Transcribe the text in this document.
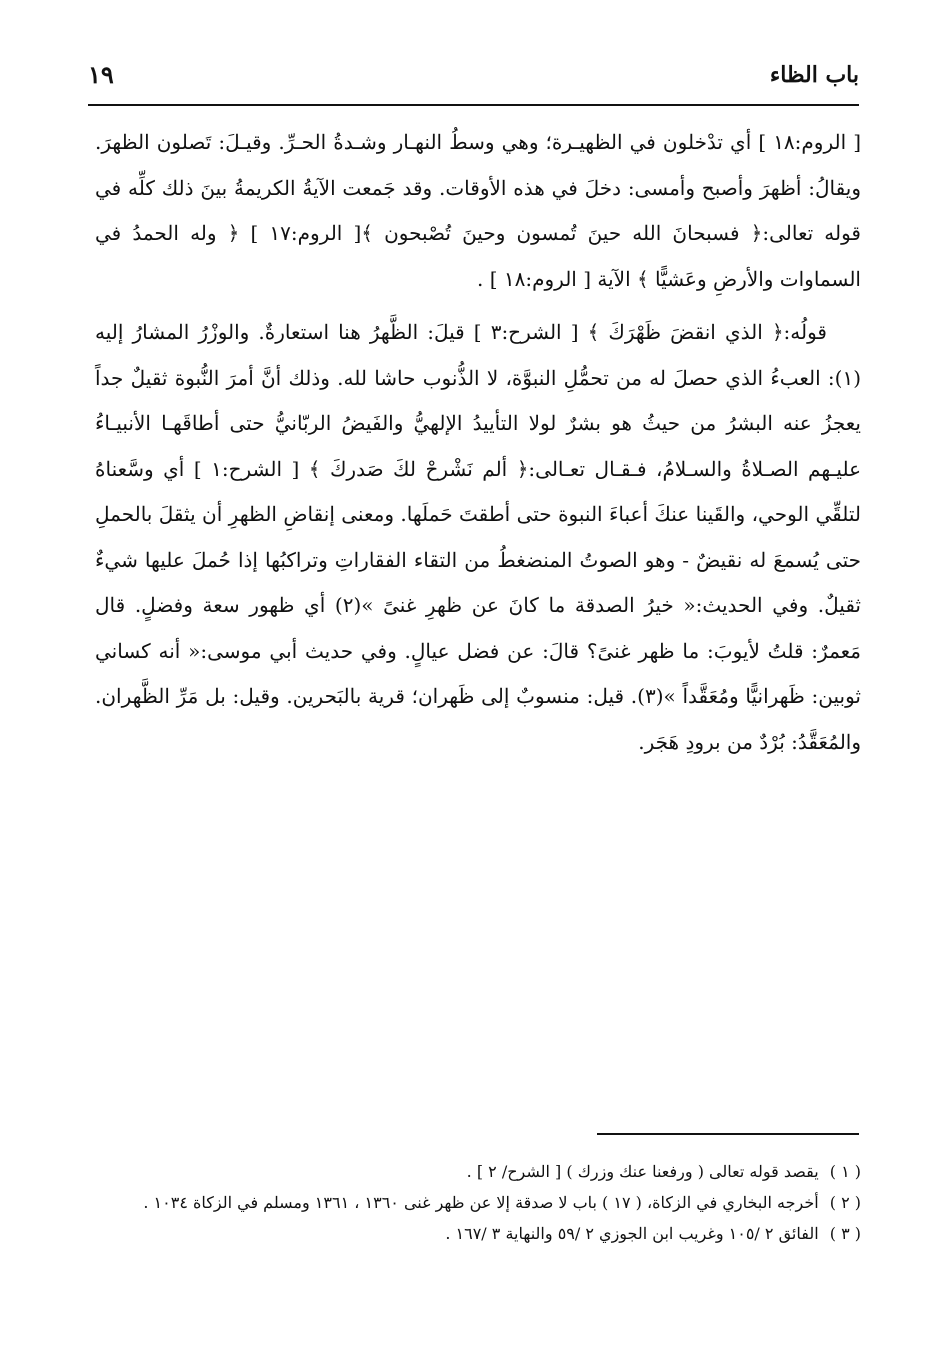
باب الظاء
١٩

[ الروم:١٨ ] أي تدْخلون في الظهيـرة؛ وهي وسطُ النهـار وشـدةُ الحـرِّ. وقيـلَ: تَصلون الظهرَ. ويقالُ: أظهرَ وأصبح وأمسى: دخلَ في هذه الأوقات. وقد جَمعت الآيةُ الكريمةُ بينَ ذلك كلِّه في قوله تعالى:﴿ فسبحانَ الله حينَ تُمسون وحينَ تُصْبحون ﴾[ الروم:١٧ ] ﴿ وله الحمدُ في السماوات والأرضِ وعَشيًّا ﴾ الآية [ الروم:١٨ ] .

قولُه:﴿ الذي انقضَ ظَهْرَكَ ﴾ [ الشرح:٣ ] قيلَ: الظَّهرُ هنا استعارةٌ. والوزْرُ المشارُ إليه (١): العبءُ الذي حصلَ له من تحمُّلِ النبوَّة، لا الذُّنوب حاشا لله. وذلك أنَّ أمرَ النُّبوة ثقيلٌ جداً يعجزُ عنه البشرُ من حيثُ هو بشرٌ لولا التأييدُ الإلهيُّ والفَيضُ الربّانيُّ حتى أطاقَهـا الأنبيـاءُ عليـهم الصـلاةُ والسـلامُ، فـقـال تعـالى:﴿ ألم نَشْرحْ لكَ صَدركَ ﴾ [ الشرح:١ ] أي وسَّعناهُ لتلقِّي الوحي، والقَينا عنكَ أعباءَ النبوة حتى أطقتَ حَملَها. ومعنى إنقاضِ الظهرِ أن يثقلَ بالحملِ حتى يُسمعَ له نقيضٌ - وهو الصوتُ المنضغطُ من التقاء الفقاراتِ وتراكبُها إذا حُملَ عليها شيءٌ ثقيلٌ. وفي الحديث:« خيرُ الصدقة ما كانَ عن ظهرِ غنىً »(٢) أي ظهور سعة وفضلٍ. قال مَعمرٌ: قلتُ لأيوبَ: ما ظهر غنىً؟ قالَ: عن فضل عيالٍ. وفي حديث أبي موسى:« أنه كساني ثوبين: ظَهرانيًّا ومُعَقَّداً »(٣). قيل: منسوبٌ إلى ظَهران؛ قرية بالبَحرين. وقيل: بل مَرِّ الظَّهران. والمُعَقَّدُ: بُرْدٌ من برودِ هَجَر.

( ١ ) يقصد قوله تعالى ( ورفعنا عنك وزرك ) [ الشرح/ ٢ ] .

( ٢ ) أخرجه البخاري في الزكاة، ( ١٧ ) باب لا صدقة إلا عن ظهر غنى ١٣٦٠ ، ١٣٦١ ومسلم في الزكاة ١٠٣٤ .

( ٣ ) الفائق ٢ /١٠٥ وغريب ابن الجوزي ٢ /٥٩ والنهاية ٣ /١٦٧ .
